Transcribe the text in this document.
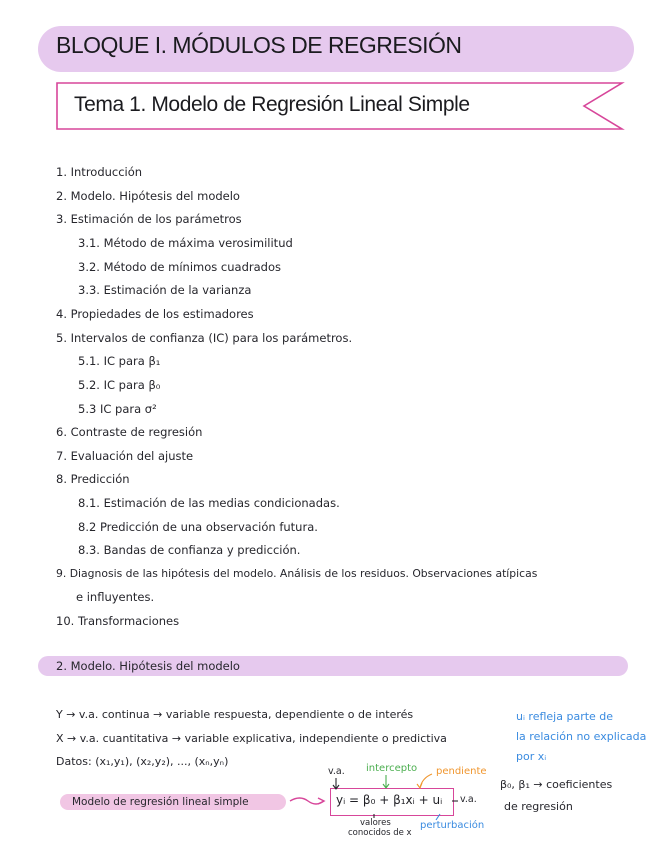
BLOQUE I. MÓDULOS DE REGRESIÓN
Tema 1. Modelo de Regresión Lineal Simple
1. Introducción
2. Modelo. Hipótesis del modelo
3. Estimación de los parámetros
3.1. Método de máxima verosimilitud
3.2. Método de mínimos cuadrados
3.3. Estimación de la varianza
4. Propiedades de los estimadores
5. Intervalos de confianza (IC) para los parámetros.
5.1. IC para β₁
5.2. IC para β₀
5.3 IC para σ²
6. Contraste de regresión
7. Evaluación del ajuste
8. Predicción
8.1. Estimación de las medias condicionadas.
8.2 Predicción de una observación futura.
8.3. Bandas de confianza y predicción.
9. Diagnosis de las hipótesis del modelo. Análisis de los residuos. Observaciones atípicas
e influyentes.
10. Transformaciones
2. Modelo. Hipótesis del modelo
Y → v.a. continua → variable respuesta, dependiente o de interés
X → v.a. cuantitativa → variable explicativa, independiente o predictiva
Datos: (x₁,y₁), (x₂,y₂), ..., (xₙ,yₙ)
uᵢ refleja parte de
la relación no explicada
por xᵢ
β₀, β₁ → coeficientes
de regresión
Modelo de regresión lineal simple	yᵢ = β₀ + β₁xᵢ + uᵢ
v.a.
v.a.
intercepto pendiente
perturbación
valores
conocidos de x
